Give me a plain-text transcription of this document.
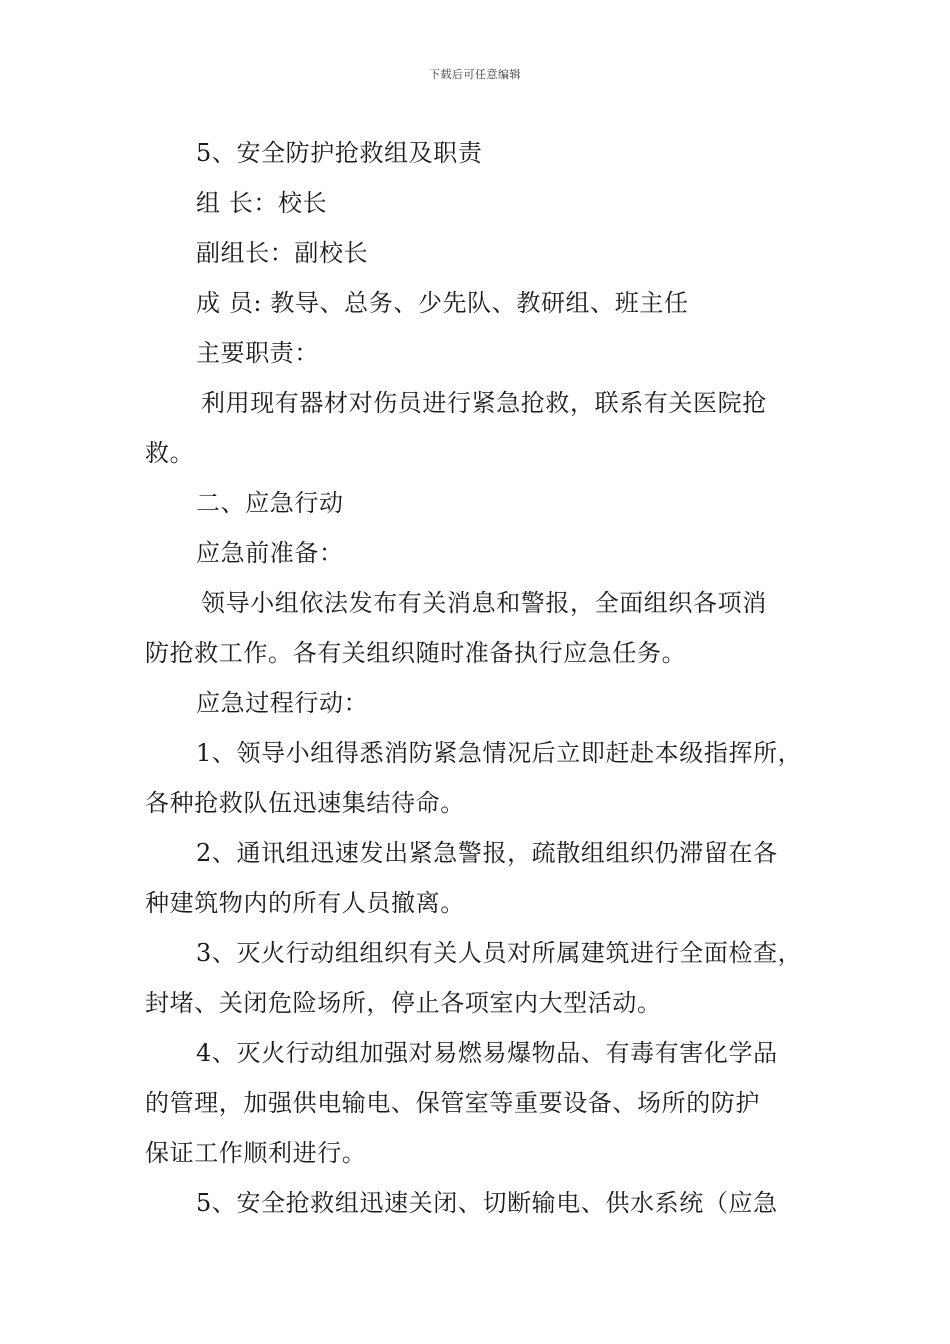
下载后可任意编辑
5、安全防护抢救组及职责
组 长：校长
副组长：副校长
成 员: 教导、总务、少先队、教研组、班主任
主要职责：
利用现有器材对伤员进行紧急抢救，联系有关医院抢
救。
二、应急行动
应急前准备：
领导小组依法发布有关消息和警报，全面组织各项消
防抢救工作。各有关组织随时准备执行应急任务。
应急过程行动：
1、领导小组得悉消防紧急情况后立即赶赴本级指挥所，
各种抢救队伍迅速集结待命。
2、通讯组迅速发出紧急警报，疏散组组织仍滞留在各
种建筑物内的所有人员撤离。
3、灭火行动组组织有关人员对所属建筑进行全面检查，
封堵、关闭危险场所，停止各项室内大型活动。
4、灭火行动组加强对易燃易爆物品、有毒有害化学品
的管理，加强供电输电、保管室等重要设备、场所的防护
保证工作顺利进行。
5、安全抢救组迅速关闭、切断输电、供水系统（应急
